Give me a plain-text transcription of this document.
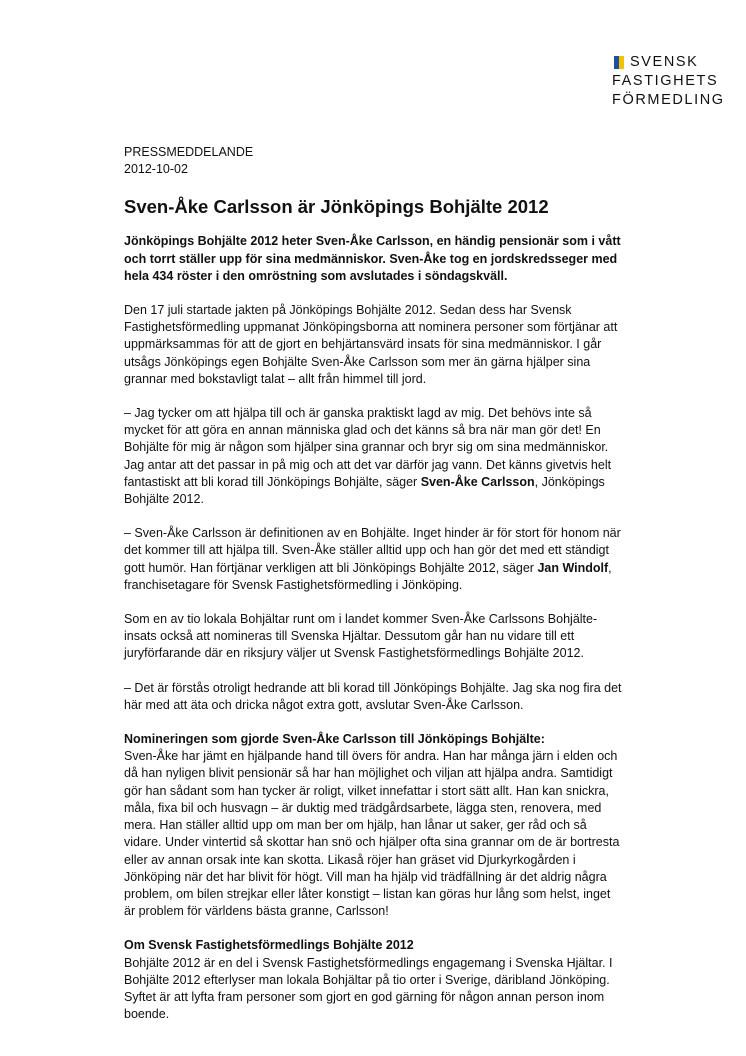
SVENSK
FASTIGHETS
FÖRMEDLING

PRESSMEDDELANDE

2012-10-02

Sven-Åke Carlsson är Jönköpings Bohjälte 2012

Jönköpings Bohjälte 2012 heter Sven-Åke Carlsson, en händig pensionär som i vått och torrt ställer upp för sina medmänniskor. Sven-Åke tog en jordskredsseger med hela 434 röster i den omröstning som avslutades i söndagskväll.

Den 17 juli startade jakten på Jönköpings Bohjälte 2012. Sedan dess har Svensk Fastighetsförmedling uppmanat Jönköpingsborna att nominera personer som förtjänar att uppmärksammas för att de gjort en behjärtansvärd insats för sina medmänniskor. I går utsågs Jönköpings egen Bohjälte Sven-Åke Carlsson som mer än gärna hjälper sina grannar med bokstavligt talat – allt från himmel till jord.

– Jag tycker om att hjälpa till och är ganska praktiskt lagd av mig. Det behövs inte så mycket för att göra en annan människa glad och det känns så bra när man gör det! En Bohjälte för mig är någon som hjälper sina grannar och bryr sig om sina medmänniskor. Jag antar att det passar in på mig och att det var därför jag vann. Det känns givetvis helt fantastiskt att bli korad till Jönköpings Bohjälte, säger Sven-Åke Carlsson, Jönköpings Bohjälte 2012.

– Sven-Åke Carlsson är definitionen av en Bohjälte. Inget hinder är för stort för honom när det kommer till att hjälpa till. Sven-Åke ställer alltid upp och han gör det med ett ständigt gott humör. Han förtjänar verkligen att bli Jönköpings Bohjälte 2012, säger Jan Windolf, franchisetagare för Svensk Fastighetsförmedling i Jönköping.

Som en av tio lokala Bohjältar runt om i landet kommer Sven-Åke Carlssons Bohjälte-insats också att nomineras till Svenska Hjältar. Dessutom går han nu vidare till ett juryförfarande där en riksjury väljer ut Svensk Fastighetsförmedlings Bohjälte 2012.

– Det är förstås otroligt hedrande att bli korad till Jönköpings Bohjälte. Jag ska nog fira det här med att äta och dricka något extra gott, avslutar Sven-Åke Carlsson.

Nomineringen som gjorde Sven-Åke Carlsson till Jönköpings Bohjälte:

Sven-Åke har jämt en hjälpande hand till övers för andra. Han har många järn i elden och då han nyligen blivit pensionär så har han möjlighet och viljan att hjälpa andra. Samtidigt gör han sådant som han tycker är roligt, vilket innefattar i stort sätt allt. Han kan snickra, måla, fixa bil och husvagn – är duktig med trädgårdsarbete, lägga sten, renovera, med mera. Han ställer alltid upp om man ber om hjälp, han lånar ut saker, ger råd och så vidare. Under vintertid så skottar han snö och hjälper ofta sina grannar om de är bortresta eller av annan orsak inte kan skotta. Likaså röjer han gräset vid Djurkyrkogården i Jönköping när det har blivit för högt. Vill man ha hjälp vid trädfällning är det aldrig några problem, om bilen strejkar eller låter konstigt – listan kan göras hur lång som helst, inget är problem för världens bästa granne, Carlsson!

Om Svensk Fastighetsförmedlings Bohjälte 2012

Bohjälte 2012 är en del i Svensk Fastighetsförmedlings engagemang i Svenska Hjältar. I Bohjälte 2012 efterlyser man lokala Bohjältar på tio orter i Sverige, däribland Jönköping. Syftet är att lyfta fram personer som gjort en god gärning för någon annan person inom boende.
